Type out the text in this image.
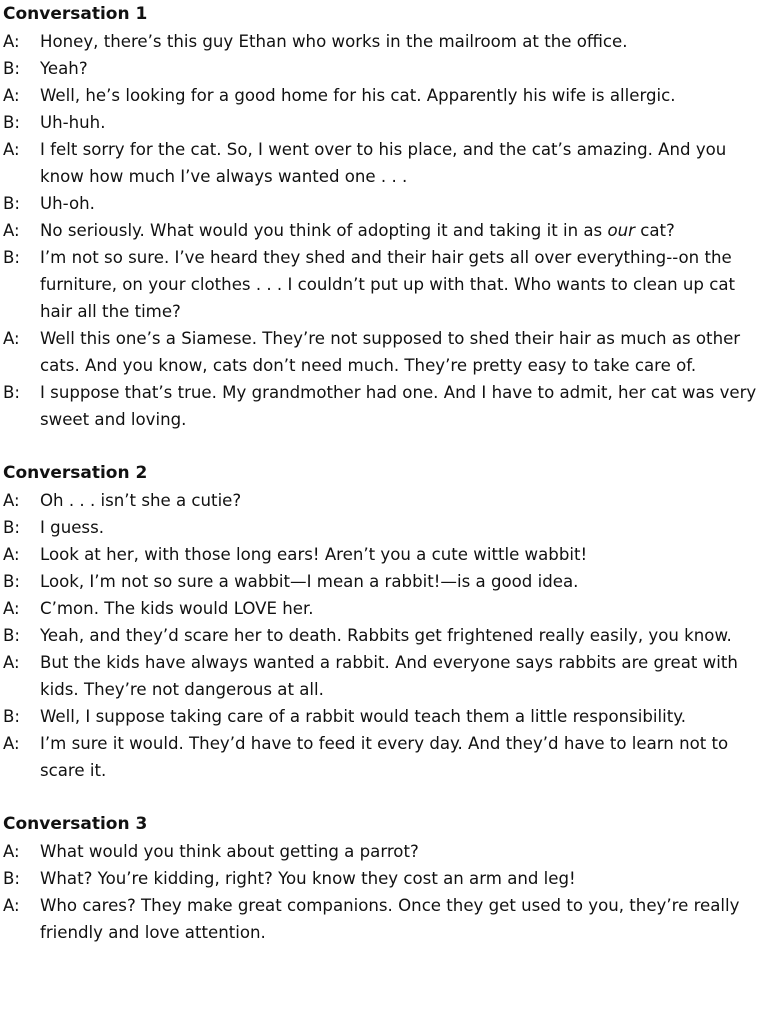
Conversation 1
A:	Honey, there’s this guy Ethan who works in the mailroom at the office.
B:	Yeah?
A:	Well, he’s looking for a good home for his cat. Apparently his wife is allergic.
B:	Uh-huh.
A:	I felt sorry for the cat. So, I went over to his place, and the cat’s amazing. And you know how much I’ve always wanted one . . .
B:	Uh-oh.
A:	No seriously. What would you think of adopting it and taking it in as our cat?
B:	I’m not so sure. I’ve heard they shed and their hair gets all over everything--on the furniture, on your clothes . . . I couldn’t put up with that. Who wants to clean up cat hair all the time?
A:	Well this one’s a Siamese. They’re not supposed to shed their hair as much as other cats. And you know, cats don’t need much. They’re pretty easy to take care of.
B:	I suppose that’s true. My grandmother had one. And I have to admit, her cat was very sweet and loving.
Conversation 2
A:	Oh . . . isn’t she a cutie?
B:	I guess.
A:	Look at her, with those long ears! Aren’t you a cute wittle wabbit!
B:	Look, I’m not so sure a wabbit—I mean a rabbit!—is a good idea.
A:	C’mon. The kids would LOVE her.
B:	Yeah, and they’d scare her to death. Rabbits get frightened really easily, you know.
A:	But the kids have always wanted a rabbit. And everyone says rabbits are great with kids. They’re not dangerous at all.
B:	Well, I suppose taking care of a rabbit would teach them a little responsibility.
A:	I’m sure it would. They’d have to feed it every day. And they’d have to learn not to scare it.
Conversation 3
A:	What would you think about getting a parrot?
B:	What? You’re kidding, right? You know they cost an arm and leg!
A:	Who cares? They make great companions. Once they get used to you, they’re really friendly and love attention.
